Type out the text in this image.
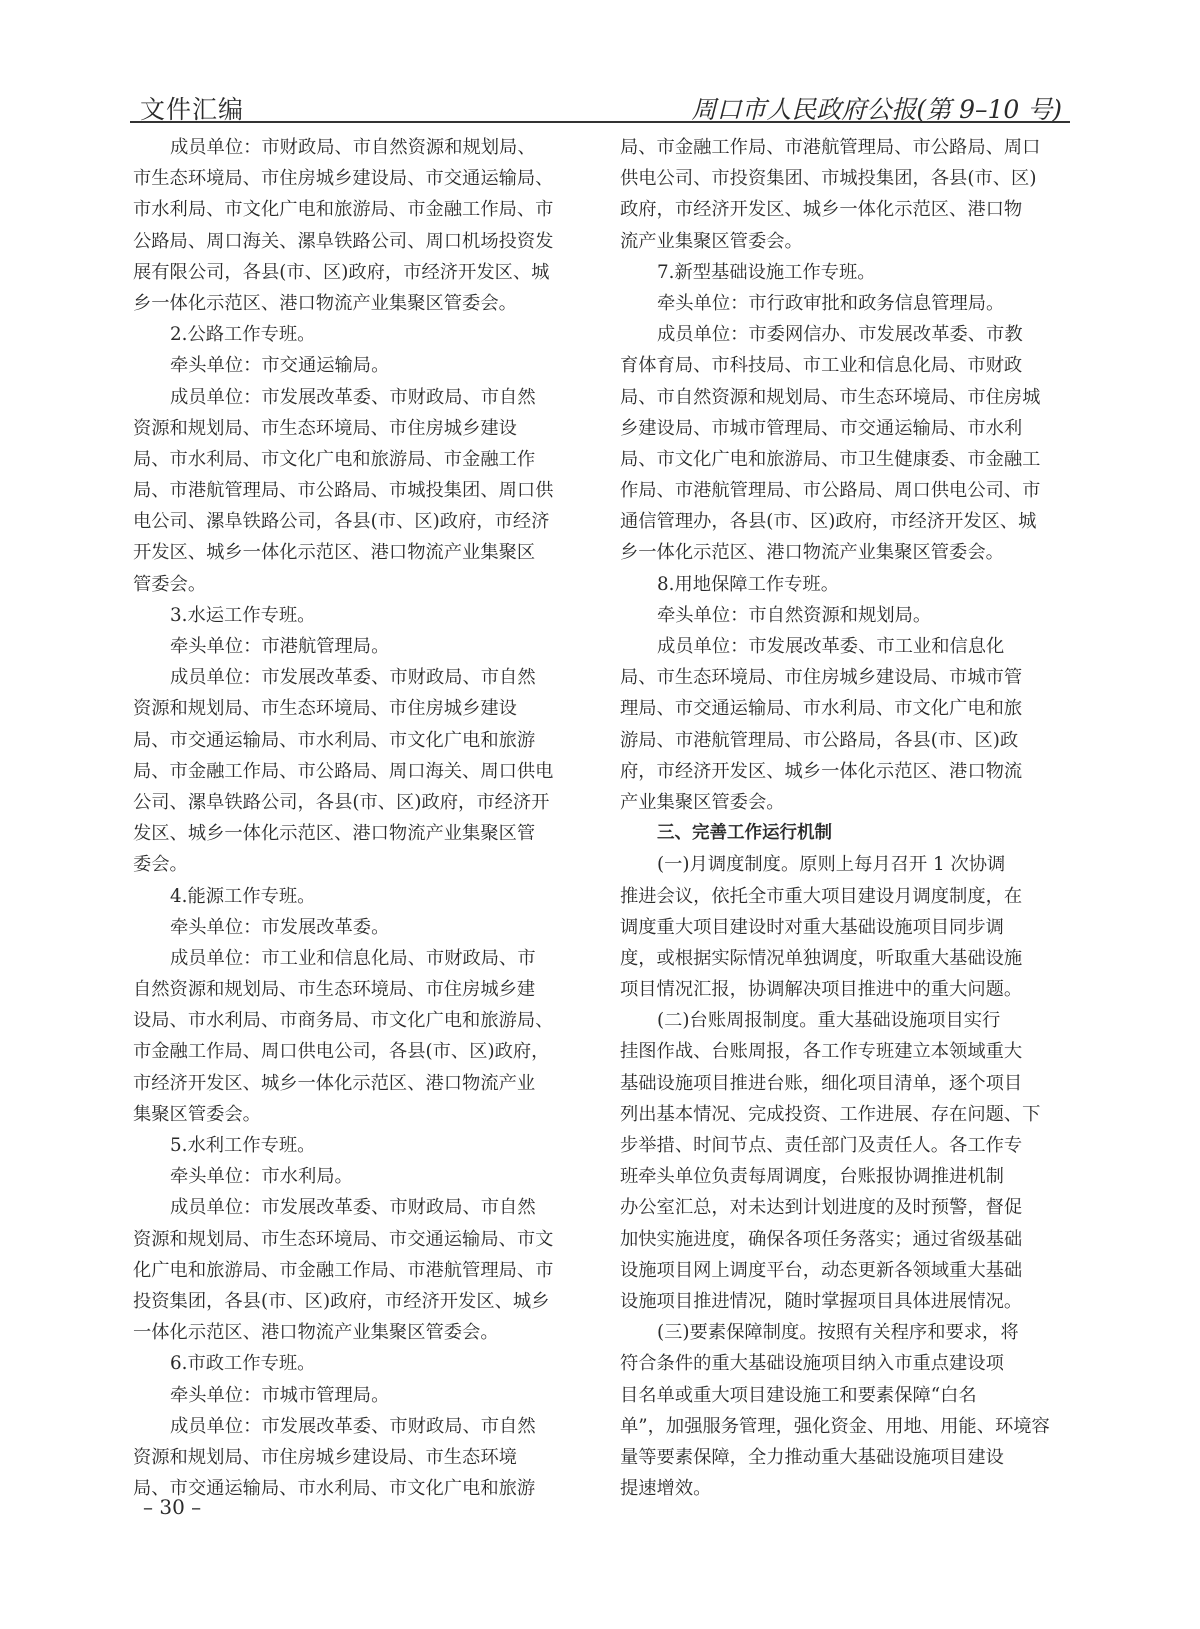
文件汇编	周口市人民政府公报(第 9–10 号)
成员单位：市财政局、市自然资源和规划局、
市生态环境局、市住房城乡建设局、市交通运输局、
市水利局、市文化广电和旅游局、市金融工作局、市
公路局、周口海关、漯阜铁路公司、周口机场投资发
展有限公司，各县(市、区)政府，市经济开发区、城
乡一体化示范区、港口物流产业集聚区管委会。
2.公路工作专班。
牵头单位：市交通运输局。
成员单位：市发展改革委、市财政局、市自然
资源和规划局、市生态环境局、市住房城乡建设
局、市水利局、市文化广电和旅游局、市金融工作
局、市港航管理局、市公路局、市城投集团、周口供
电公司、漯阜铁路公司，各县(市、区)政府，市经济
开发区、城乡一体化示范区、港口物流产业集聚区
管委会。
3.水运工作专班。
牵头单位：市港航管理局。
成员单位：市发展改革委、市财政局、市自然
资源和规划局、市生态环境局、市住房城乡建设
局、市交通运输局、市水利局、市文化广电和旅游
局、市金融工作局、市公路局、周口海关、周口供电
公司、漯阜铁路公司，各县(市、区)政府，市经济开
发区、城乡一体化示范区、港口物流产业集聚区管
委会。
4.能源工作专班。
牵头单位：市发展改革委。
成员单位：市工业和信息化局、市财政局、市
自然资源和规划局、市生态环境局、市住房城乡建
设局、市水利局、市商务局、市文化广电和旅游局、
市金融工作局、周口供电公司，各县(市、区)政府，
市经济开发区、城乡一体化示范区、港口物流产业
集聚区管委会。
5.水利工作专班。
牵头单位：市水利局。
成员单位：市发展改革委、市财政局、市自然
资源和规划局、市生态环境局、市交通运输局、市文
化广电和旅游局、市金融工作局、市港航管理局、市
投资集团，各县(市、区)政府，市经济开发区、城乡
一体化示范区、港口物流产业集聚区管委会。
6.市政工作专班。
牵头单位：市城市管理局。
成员单位：市发展改革委、市财政局、市自然
资源和规划局、市住房城乡建设局、市生态环境
局、市交通运输局、市水利局、市文化广电和旅游
局、市金融工作局、市港航管理局、市公路局、周口
供电公司、市投资集团、市城投集团，各县(市、区)
政府，市经济开发区、城乡一体化示范区、港口物
流产业集聚区管委会。
7.新型基础设施工作专班。
牵头单位：市行政审批和政务信息管理局。
成员单位：市委网信办、市发展改革委、市教
育体育局、市科技局、市工业和信息化局、市财政
局、市自然资源和规划局、市生态环境局、市住房城
乡建设局、市城市管理局、市交通运输局、市水利
局、市文化广电和旅游局、市卫生健康委、市金融工
作局、市港航管理局、市公路局、周口供电公司、市
通信管理办，各县(市、区)政府，市经济开发区、城
乡一体化示范区、港口物流产业集聚区管委会。
8.用地保障工作专班。
牵头单位：市自然资源和规划局。
成员单位：市发展改革委、市工业和信息化
局、市生态环境局、市住房城乡建设局、市城市管
理局、市交通运输局、市水利局、市文化广电和旅
游局、市港航管理局、市公路局，各县(市、区)政
府，市经济开发区、城乡一体化示范区、港口物流
产业集聚区管委会。
三、完善工作运行机制
(一)月调度制度。原则上每月召开 1 次协调
推进会议，依托全市重大项目建设月调度制度，在
调度重大项目建设时对重大基础设施项目同步调
度，或根据实际情况单独调度，听取重大基础设施
项目情况汇报，协调解决项目推进中的重大问题。
(二)台账周报制度。重大基础设施项目实行
挂图作战、台账周报，各工作专班建立本领域重大
基础设施项目推进台账，细化项目清单，逐个项目
列出基本情况、完成投资、工作进展、存在问题、下
步举措、时间节点、责任部门及责任人。各工作专
班牵头单位负责每周调度，台账报协调推进机制
办公室汇总，对未达到计划进度的及时预警，督促
加快实施进度，确保各项任务落实；通过省级基础
设施项目网上调度平台，动态更新各领域重大基础
设施项目推进情况，随时掌握项目具体进展情况。
(三)要素保障制度。按照有关程序和要求，将
符合条件的重大基础设施项目纳入市重点建设项
目名单或重大项目建设施工和要素保障“白名
单”，加强服务管理，强化资金、用地、用能、环境容
量等要素保障，全力推动重大基础设施项目建设
提速增效。
– 30 –
